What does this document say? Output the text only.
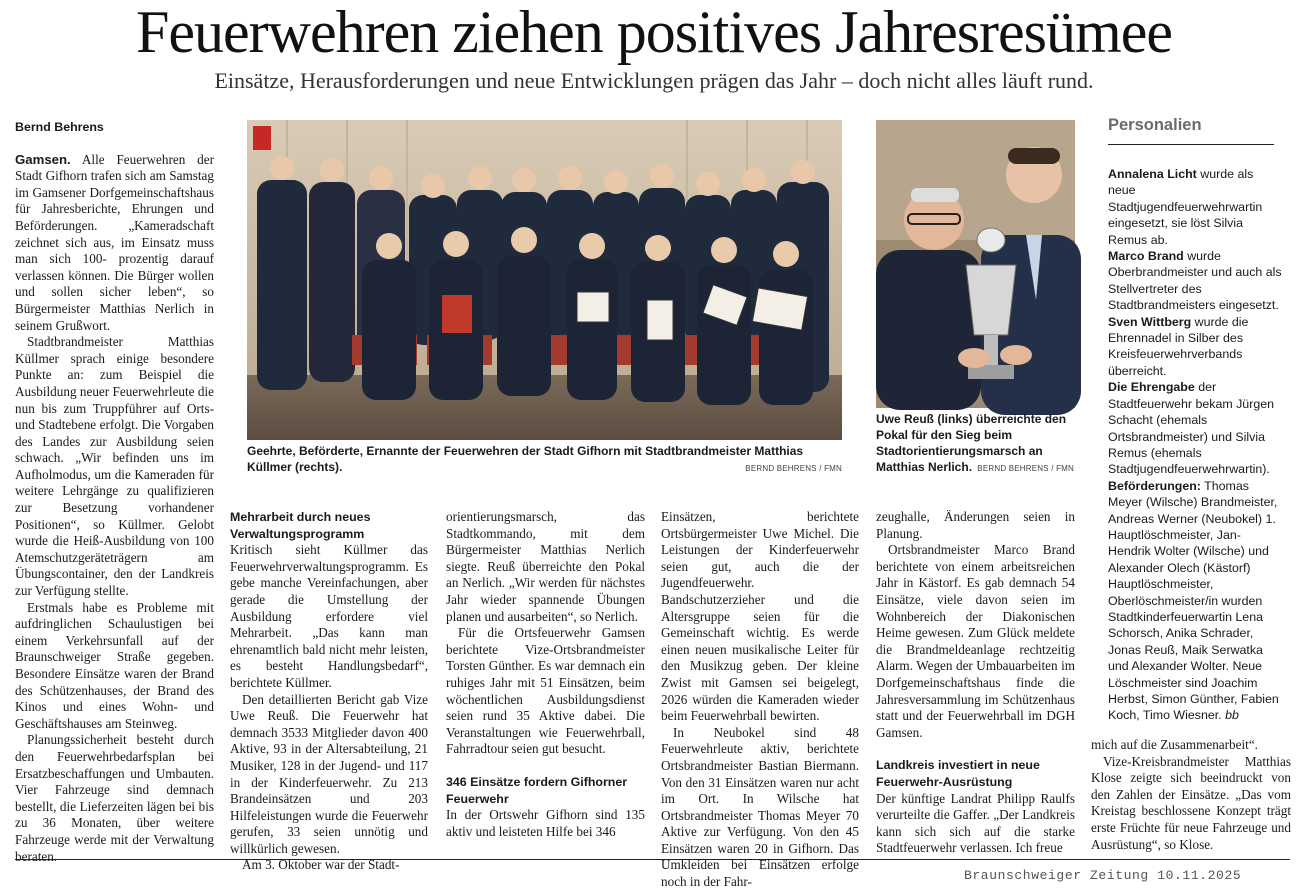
Feuerwehren ziehen positives Jahresresümee
Einsätze, Herausforderungen und neue Entwicklungen prägen das Jahr – doch nicht alles läuft rund.
Bernd Behrens

Gamsen. Alle Feuerwehren der Stadt Gifhorn trafen sich am Samstag im Gamsener Dorfgemeinschaftshaus für Jahresberichte, Ehrungen und Beförderungen. „Kameradschaft zeichnet sich aus, im Einsatz muss man sich 100- prozentig darauf verlassen können. Die Bürger wollen und sollen sicher leben“, so Bürgermeister Matthias Nerlich in seinem Grußwort.

Stadtbrandmeister Matthias Küllmer sprach einige besondere Punkte an: zum Beispiel die Ausbildung neuer Feuerwehrleute die nun bis zum Truppführer auf Orts- und Stadtebene erfolgt. Die Vorgaben des Landes zur Ausbildung seien schwach. „Wir befinden uns im Aufholmodus, um die Kameraden für weitere Lehrgänge zu qualifizieren zur Besetzung vorhandener Positionen“, so Küllmer. Gelobt wurde die Heiß-Ausbildung von 100 Atemschutzgeräteträgern am Übungscontainer, den der Landkreis zur Verfügung stellte.

Erstmals habe es Probleme mit aufdringlichen Schaulustigen bei einem Verkehrsunfall auf der Braunschweiger Straße gegeben. Besondere Einsätze waren der Brand des Schützenhauses, der Brand des Kinos und eines Wohn- und Geschäftshauses am Steinweg.

Planungssicherheit besteht durch den Feuerwehrbedarfsplan bei Ersatzbeschaffungen und Umbauten. Vier Fahrzeuge sind demnach bestellt, die Lieferzeiten lägen bei bis zu 36 Monaten, über weitere Fahrzeuge werde mit der Verwaltung beraten.

Geehrte, Beförderte, Ernannte der Feuerwehren der Stadt Gifhorn mit Stadtbrandmeister Matthias Küllmer (rechts).	BERND BEHRENS / FMN
Uwe Reuß (links) überreichte den Pokal für den Sieg beim Stadtorientierungsmarsch an Matthias Nerlich. BERND BEHRENS / FMN
Mehrarbeit durch neues Verwaltungsprogramm

Kritisch sieht Küllmer das Feuerwehrverwaltungsprogramm. Es gebe manche Vereinfachungen, aber gerade die Umstellung der Ausbildung erfordere viel Mehrarbeit. „Das kann man ehrenamtlich bald nicht mehr leisten, es besteht Handlungsbedarf“, berichtete Küllmer.

Den detaillierten Bericht gab Vize Uwe Reuß. Die Feuerwehr hat demnach 3533 Mitglieder davon 400 Aktive, 93 in der Altersabteilung, 21 Musiker, 128 in der Jugend- und 117 in der Kinderfeuerwehr. Zu 213 Brandeinsätzen und 203 Hilfeleistungen wurde die Feuerwehr gerufen, 33 seien unnötig und willkürlich gewesen.

Am 3. Oktober war der Stadt-

orientierungsmarsch, das Stadtkommando, mit dem Bürgermeister Matthias Nerlich siegte. Reuß überreichte den Pokal an Nerlich. „Wir werden für nächstes Jahr wieder spannende Übungen planen und ausarbeiten“, so Nerlich.

Für die Ortsfeuerwehr Gamsen berichtete Vize-Ortsbrandmeister Torsten Günther. Es war demnach ein ruhiges Jahr mit 51 Einsätzen, beim wöchentlichen Ausbildungsdienst seien rund 35 Aktive dabei. Die Veranstaltungen wie Feuerwehrball, Fahrradtour seien gut besucht.

346 Einsätze fordern Gifhorner Feuerwehr

In der Ortswehr Gifhorn sind 135 aktiv und leisteten Hilfe bei 346

Einsätzen, berichtete Ortsbürgermeister Uwe Michel. Die Leistungen der Kinderfeuerwehr seien gut, auch die der Jugendfeuerwehr. Bandschutzerzieher und die Altersgruppe seien für die Gemeinschaft wichtig. Es werde einen neuen musikalische Leiter für den Musikzug geben. Der kleine Zwist mit Gamsen sei beigelegt, 2026 würden die Kameraden wieder beim Feuerwehrball bewirten.

In Neubokel sind 48 Feuerwehrleute aktiv, berichtete Ortsbrandmeister Bastian Biermann. Von den 31 Einsätzen waren nur acht im Ort. In Wilsche hat Ortsbrandmeister Thomas Meyer 70 Aktive zur Verfügung. Von den 45 Einsätzen waren 20 in Gifhorn. Das Umkleiden bei Einsätzen erfolge noch in der Fahr-

zeughalle, Änderungen seien in Planung.

Ortsbrandmeister Marco Brand berichtete von einem arbeitsreichen Jahr in Kästorf. Es gab demnach 54 Einsätze, viele davon seien im Wohnbereich der Diakonischen Heime gewesen. Zum Glück meldete die Brandmeldeanlage rechtzeitig Alarm. Wegen der Umbauarbeiten im Dorfgemeinschaftshaus finde die Jahresversammlung im Schützenhaus statt und der Feuerwehrball im DGH Gamsen.

Landkreis investiert in neue Feuerwehr-Ausrüstung

Der künftige Landrat Philipp Raulfs verurteilte die Gaffer. „Der Landkreis kann sich sich auf die starke Stadtfeuerwehr verlassen. Ich freue

Personalien

Annalena Licht wurde als neue Stadtjugendfeuerwehrwartin eingesetzt, sie löst Silvia Remus ab.

Marco Brand wurde Oberbrandmeister und auch als Stellvertreter des Stadtbrandmeisters eingesetzt.

Sven Wittberg wurde die Ehrennadel in Silber des Kreisfeuerwehrverbands überreicht.

Die Ehrengabe der Stadtfeuerwehr bekam Jürgen Schacht (ehemals Ortsbrandmeister) und Silvia Remus (ehemals Stadtjugendfeuerwehrwartin).

Beförderungen: Thomas Meyer (Wilsche) Brandmeister, Andreas Werner (Neubokel) 1. Hauptlöschmeister, Jan-Hendrik Wolter (Wilsche) und Alexander Olech (Kästorf) Hauptlöschmeister, Oberlöschmeister/in wurden Stadtkinderfeuerwartin Lena Schorsch, Anika Schrader, Jonas Reuß, Maik Serwatka und Alexander Wolter. Neue Löschmeister sind Joachim Herbst, Simon Günther, Fabien Koch, Timo Wiesner. bb

mich auf die Zusammenarbeit“.

Vize-Kreisbrandmeister Matthias Klose zeigte sich beeindruckt von den Zahlen der Einsätze. „Das vom Kreistag beschlossene Konzept trägt erste Früchte für neue Fahrzeuge und Ausrüstung“, so Klose.

Braunschweiger Zeitung 10.11.2025
